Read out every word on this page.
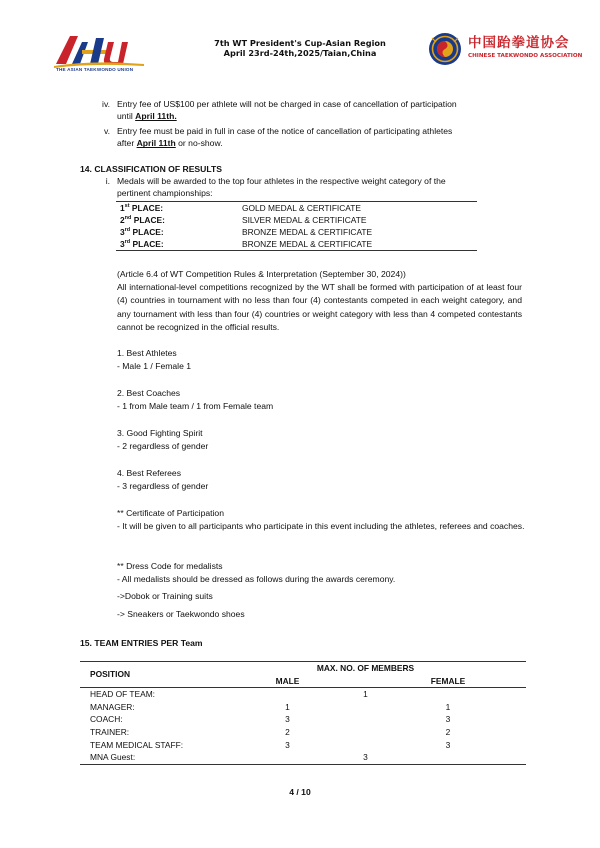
THE ASIAN TAEKWONDO UNION
7th WT President's Cup-Asian Region
April 23rd-24th,2025/Taian,China
中国跆拳道协会
CHINESE TAEKWONDO ASSOCIATION
iv. Entry fee of US$100 per athlete will not be charged in case of cancellation of participation
until April 11th.
v. Entry fee must be paid in full in case of the notice of cancellation of participating athletes
after April 11th or no-show.
14. CLASSIFICATION OF RESULTS
i. Medals will be awarded to the top four athletes in the respective weight category of the
pertinent championships:
1st PLACE:	GOLD MEDAL & CERTIFICATE
2nd PLACE:	SILVER MEDAL & CERTIFICATE
3rd PLACE:	BRONZE MEDAL & CERTIFICATE
3rd PLACE:	BRONZE MEDAL & CERTIFICATE
(Article 6.4 of WT Competition Rules & Interpretation (September 30, 2024))
All international-level competitions recognized by the WT shall be formed with participation of at least four (4) countries in tournament with no less than four (4) contestants competed in each weight category, and any tournament with less than four (4) countries or weight category with less than 4 competed contestants cannot be recognized in the official results.
1. Best Athletes
- Male 1 / Female 1
2. Best Coaches
- 1 from Male team / 1 from Female team
3. Good Fighting Spirit
- 2 regardless of gender
4. Best Referees
- 3 regardless of gender
** Certificate of Participation
- It will be given to all participants who participate in this event including the athletes, referees and coaches.
** Dress Code for medalists
- All medalists should be dressed as follows during the awards ceremony.
->Dobok or Training suits
-> Sneakers or Taekwondo shoes
15. TEAM ENTRIES PER Team
POSITION	MAX. NO. OF MEMBERS	
	MALE	FEMALE
HEAD OF TEAM:	1	
MANAGER:	1	1
COACH:	3	3
TRAINER:	2	2
TEAM MEDICAL STAFF:	3	3
MNA Guest:	3	
4 / 10
